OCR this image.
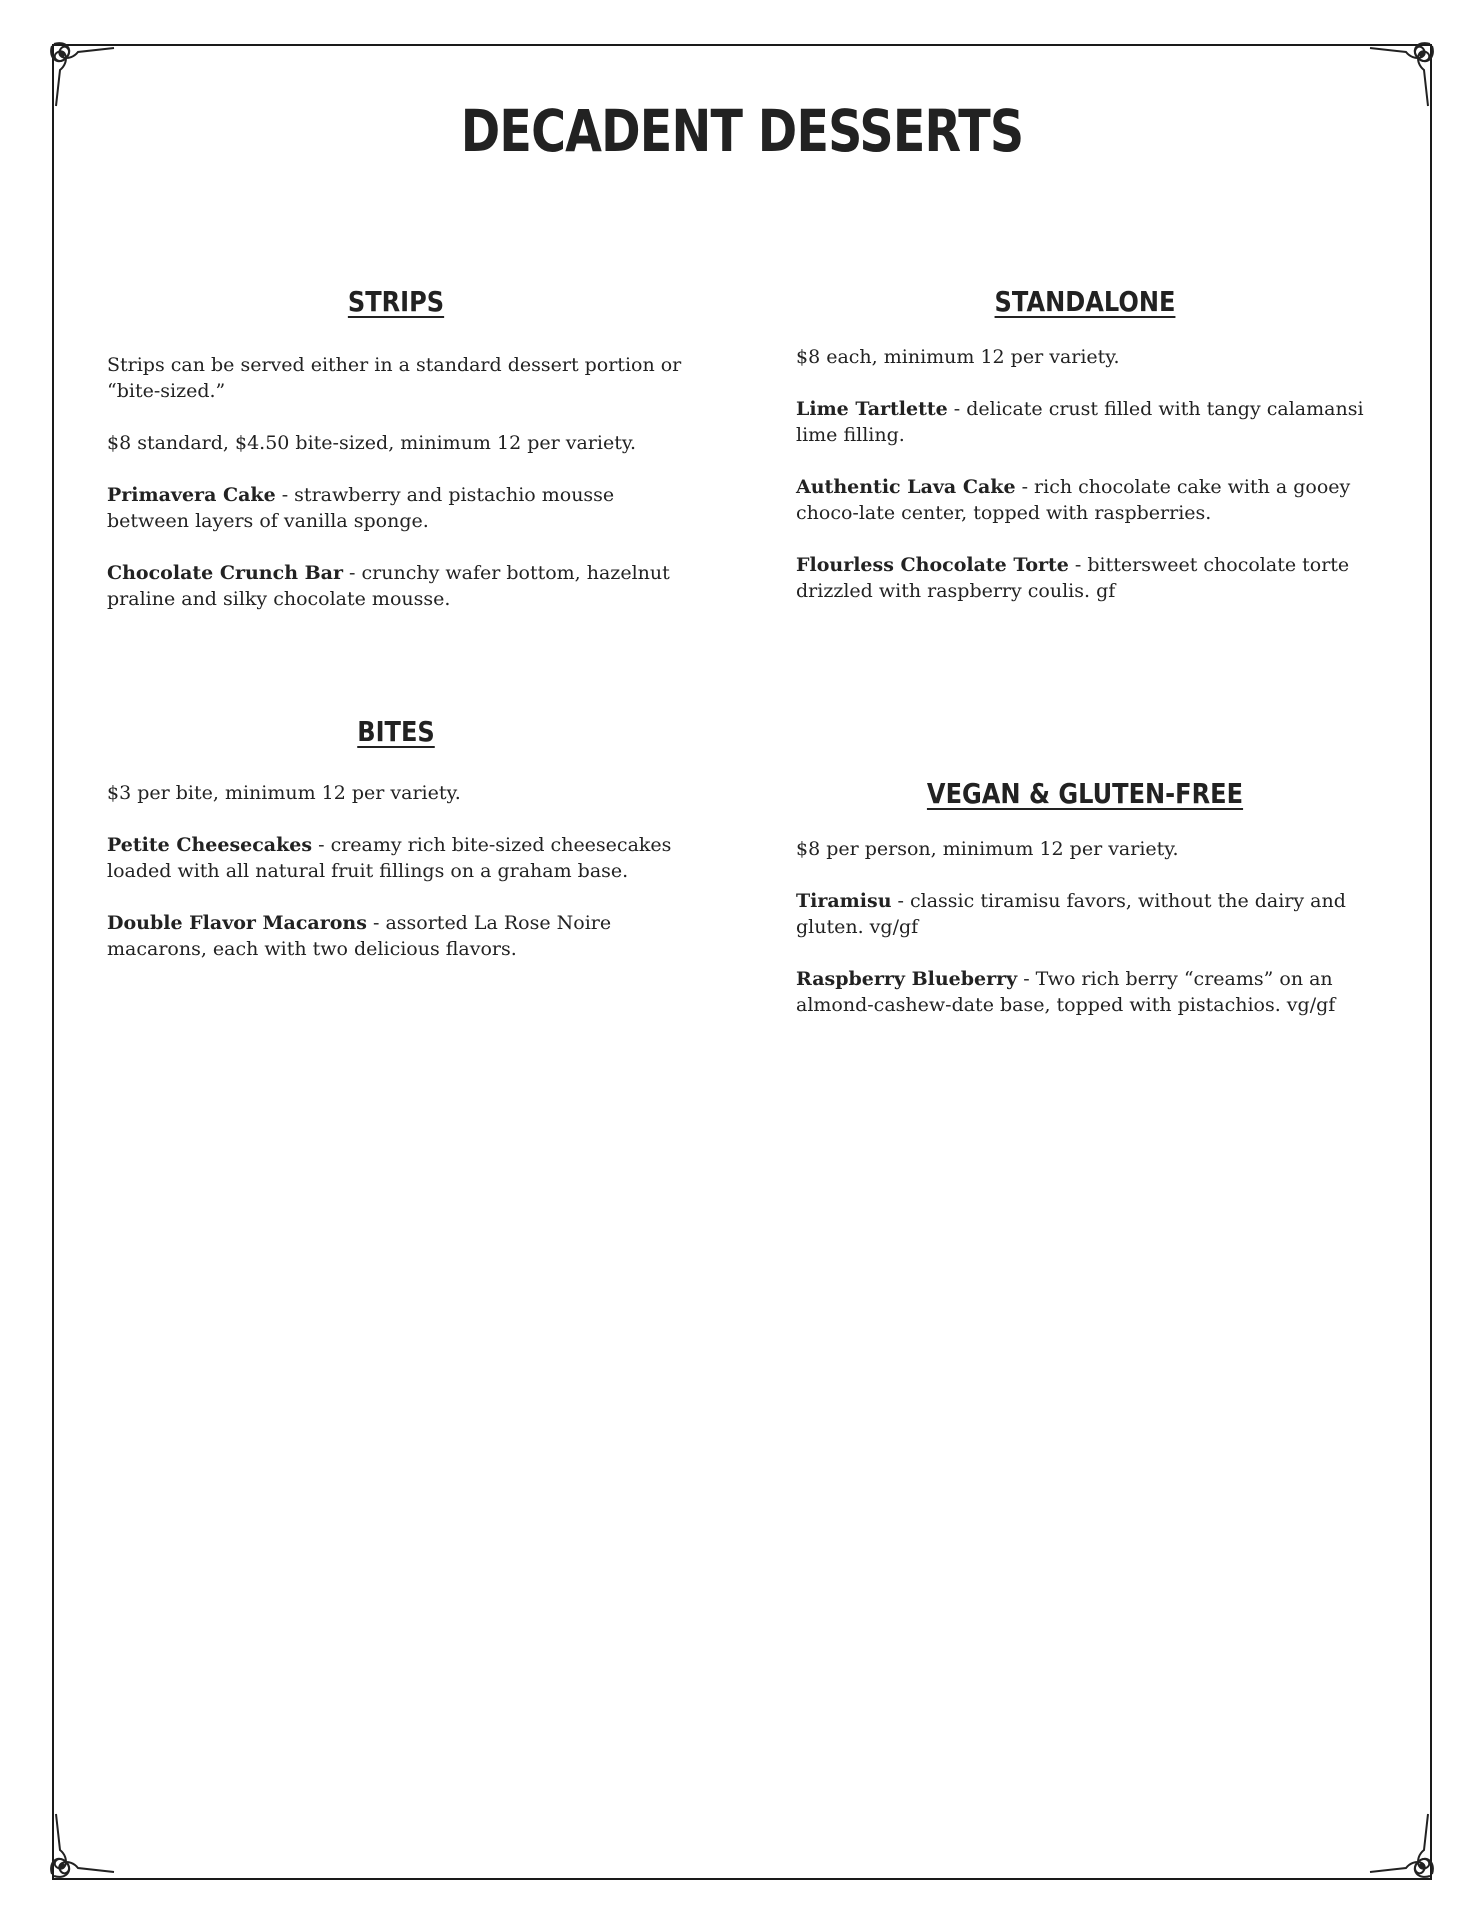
DECADENT DESSERTS
STRIPS

Strips can be served either in a standard dessert portion or “bite-sized.”

$8 standard, $4.50 bite-sized, minimum 12 per variety.

Primavera Cake - strawberry and pistachio mousse between layers of vanilla sponge.

Chocolate Crunch Bar - crunchy wafer bottom, hazelnut praline and silky chocolate mousse.

STANDALONE

$8 each, minimum 12 per variety.

Lime Tartlette - delicate crust filled with tangy calamansi lime filling.

Authentic Lava Cake - rich chocolate cake with a gooey choco-late center, topped with raspberries.

Flourless Chocolate Torte - bittersweet chocolate torte drizzled with raspberry coulis. gf

BITES

$3 per bite, minimum 12 per variety.

Petite Cheesecakes - creamy rich bite-sized cheesecakes loaded with all natural fruit fillings on a graham base.

Double Flavor Macarons - assorted La Rose Noire macarons, each with two delicious flavors.

VEGAN & GLUTEN-FREE

$8 per person, minimum 12 per variety.

Tiramisu - classic tiramisu favors, without the dairy and gluten. vg/gf

Raspberry Blueberry - Two rich berry “creams” on an almond-cashew-date base, topped with pistachios. vg/gf
